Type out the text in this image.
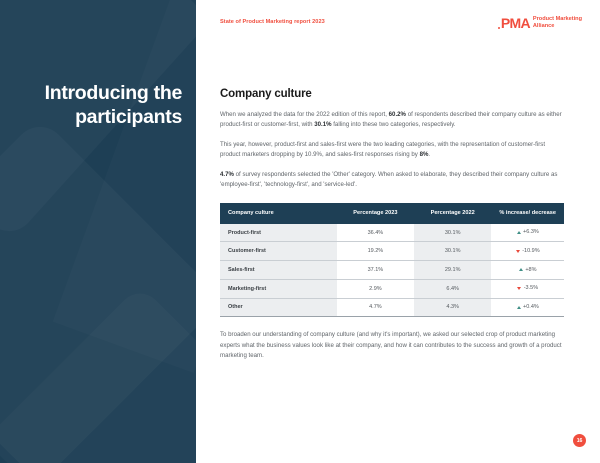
Introducing the
participants
State of Product Marketing report 2023	PMA Product Marketing
Alliance
Company culture

When we analyzed the data for the 2022 edition of this report, 60.2% of respondents described their company culture as either product-first or customer-first, with 30.1% falling into these two categories, respectively.

This year, however, product-first and sales-first were the two leading categories, with the representation of customer-first product marketers dropping by 10.9%, and sales-first responses rising by 8%.

4.7% of survey respondents selected the 'Other' category. When asked to elaborate, they described their company culture as 'employee-first', 'technology-first', and 'service-led'.

Company culture	Percentage 2023	Percentage 2022	% increase/ decrease
Product-first	36.4%	30.1%	+6.3%

Customer-first	19.2%	30.1%	-10.9%

Sales-first	37.1%	29.1%	+8%

Marketing-first	2.9%	6.4%	-3.5%

Other	4.7%	4.3%	+0.4%

To broaden our understanding of company culture (and why it's important), we asked our selected crop of product marketing experts what the business values look like at their company, and how it can contributes to the success and growth of a product marketing team.

16
